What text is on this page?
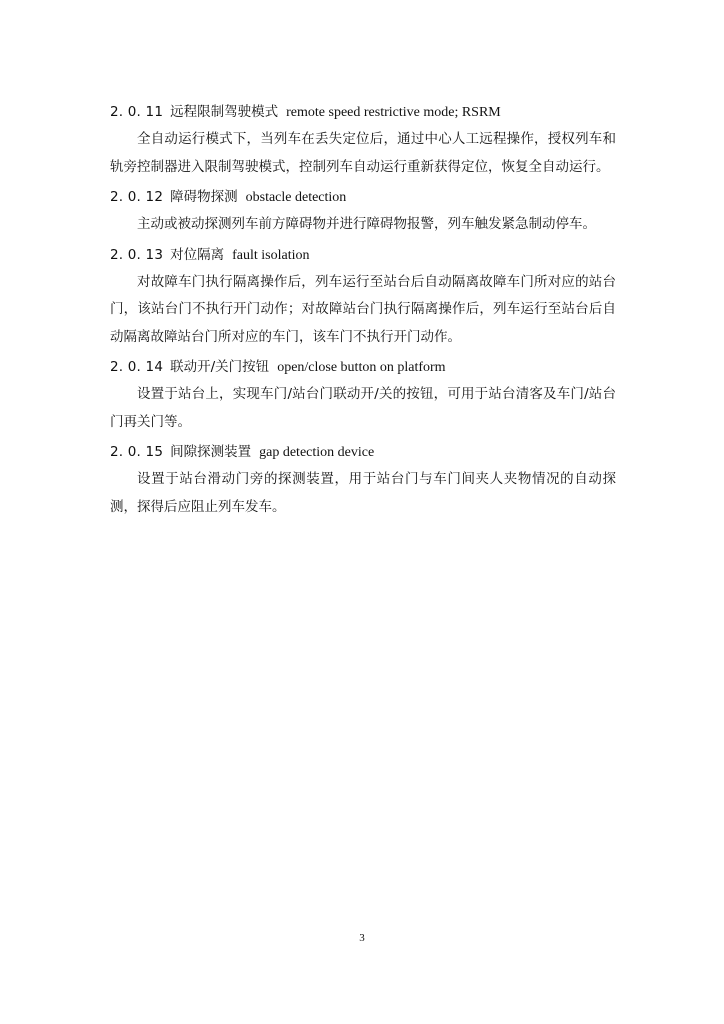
2. 0. 11 远程限制驾驶模式 remote speed restrictive mode; RSRM
全自动运行模式下，当列车在丢失定位后，通过中心人工远程操作，授权列车和轨旁控制器进入限制驾驶模式，控制列车自动运行重新获得定位，恢复全自动运行。
2. 0. 12 障碍物探测 obstacle detection
主动或被动探测列车前方障碍物并进行障碍物报警，列车触发紧急制动停车。
2. 0. 13 对位隔离 fault isolation
对故障车门执行隔离操作后，列车运行至站台后自动隔离故障车门所对应的站台门，该站台门不执行开门动作；对故障站台门执行隔离操作后，列车运行至站台后自动隔离故障站台门所对应的车门，该车门不执行开门动作。
2. 0. 14 联动开/关门按钮 open/close button on platform
设置于站台上，实现车门/站台门联动开/关的按钮，可用于站台清客及车门/站台门再关门等。
2. 0. 15 间隙探测装置 gap detection device
设置于站台滑动门旁的探测装置，用于站台门与车门间夹人夹物情况的自动探测，探得后应阻止列车发车。
3
